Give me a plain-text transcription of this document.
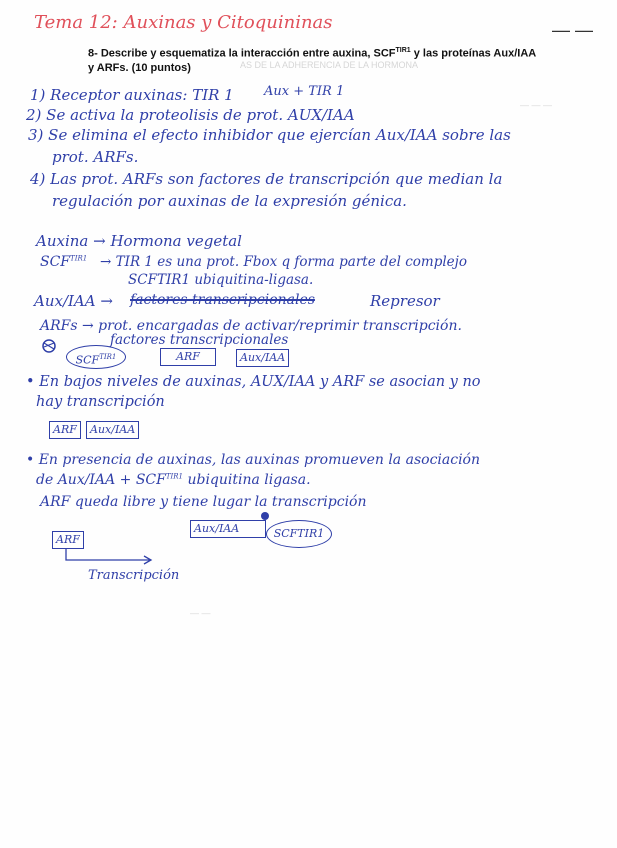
Tema 12: Auxinas y Citoquininas	— —
8- Describe y esquematiza la interacción entre auxina, $SCF^{TIR1}$ y las proteínas Aux/IAA y ARFs. (10 puntos)
1) Receptor auxinas: TIR 1 Aux + TIR 1
2) Se activa la proteolisis de prot. AUX/IAA
3) Se elimina el efecto inhibidor que ejercían Aux/IAA sobre las
prot. ARFs.
4) Las prot. ARFs son factores de transcripción que median la
regulación por auxinas de la expresión génica.
Auxina → Hormona vegetal
$SCF^{TIR1}$ → TIR 1 es una prot. Fbox q forma parte del complejo
SCFTIR1 ubiquitina-ligasa.
Aux/IAA → factores transcripcionales	Represor
ARFs → prot. encargadas de activar/reprimir transcripción.
factores transcripcionales
$SCF^{TIR1}$	ARF	Aux/IAA
• En bajos niveles de auxinas, AUX/IAA y ARF se asocian y no
hay transcripción
ARF	Aux/IAA
• En presencia de auxinas, las auxinas promueven la asociación
de $Aux/IAA + SCF^{TIR1}$ ubiquitina ligasa.
ARF queda libre y tiene lugar la transcripción
Aux/IAA	SCFTIR1
ARF
Transcripción
AS DE LA ADHERENCIA DE LA HORMONA
— — —
— —
